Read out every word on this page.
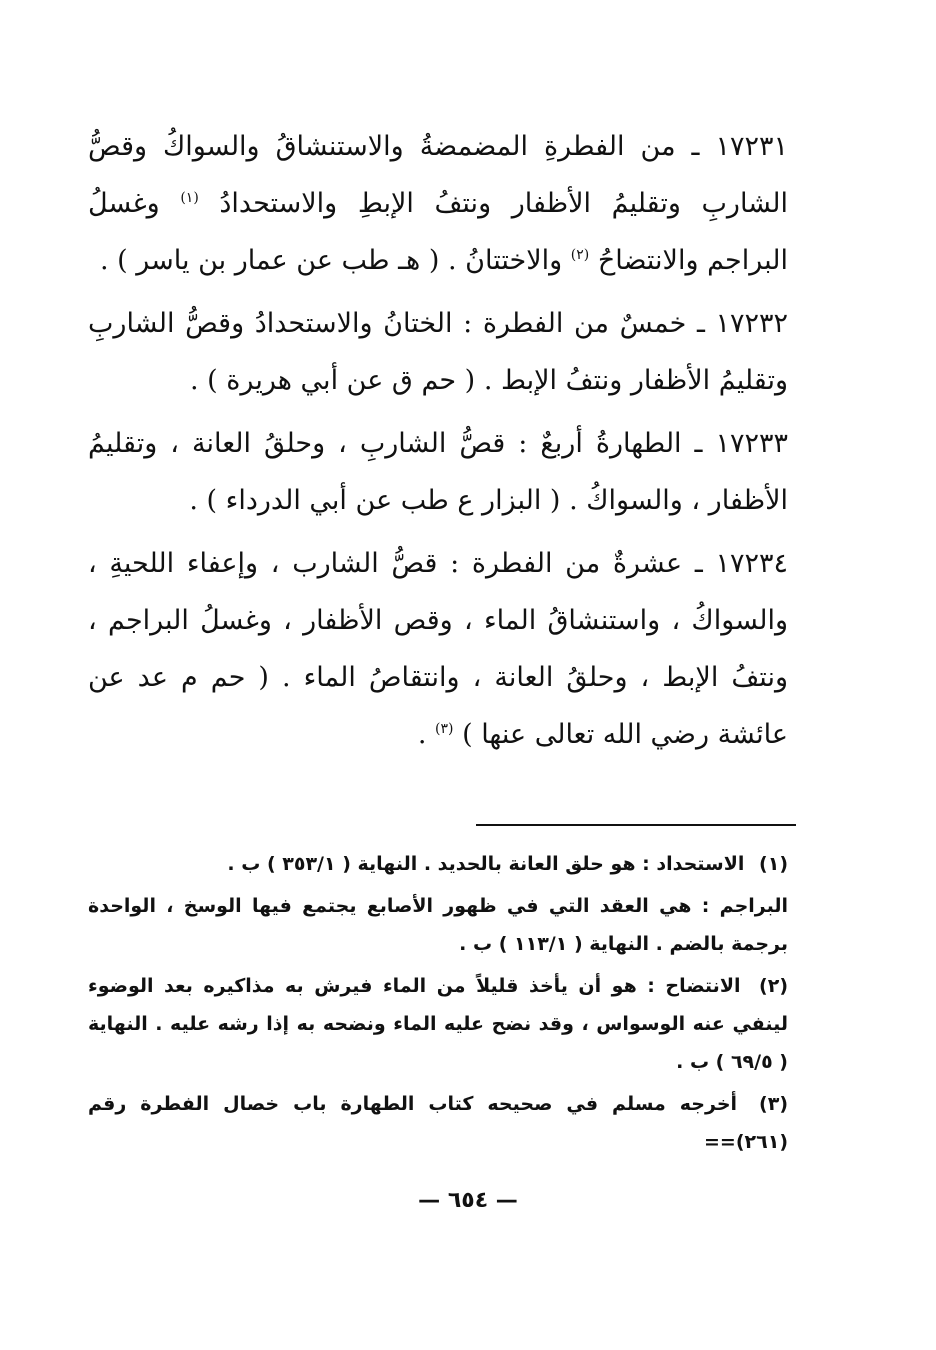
١٧٢٣١ ـ من الفطرةِ المضمضةُ والاستنشاقُ والسواكُ وقصُّ الشاربِ وتقليمُ الأظفار ونتفُ الإبطِ والاستحدادُ $^{(١)}$ وغسلُ البراجم والانتضاحُ $^{(٢)}$ والاختتانُ . ( هـ طب عن عمار بن ياسر ) .

١٧٢٣٢ ـ خمسٌ من الفطرة : الختانُ والاستحدادُ وقصُّ الشاربِ وتقليمُ الأظفار ونتفُ الإبط . ( حم ق عن أبي هريرة ) .

١٧٢٣٣ ـ الطهارةُ أربعٌ : قصُّ الشاربِ ، وحلقُ العانة ، وتقليمُ الأظفار ، والسواكُ . ( البزار ع طب عن أبي الدرداء ) .

١٧٢٣٤ ـ عشرةٌ من الفطرة : قصُّ الشارب ، وإعفاء اللحيةِ ، والسواكُ ، واستنشاقُ الماء ، وقص الأظفار ، وغسلُ البراجم ، ونتفُ الإبط ، وحلقُ العانة ، وانتقاصُ الماء . ( حم م عد عن عائشة رضي الله تعالى عنها ) $^{(٣)}$ .

(١) الاستحداد : هو حلق العانة بالحديد . النهاية ( ٣٥٣/١ ) ب .

البراجم : هي العقد التي في ظهور الأصابع يجتمع فيها الوسخ ، الواحدة برجمة بالضم . النهاية ( ١١٣/١ ) ب .

(٢) الانتضاح : هو أن يأخذ قليلاً من الماء فيرش به مذاكيره بعد الوضوء لينفي عنه الوسواس ، وقد نضح عليه الماء ونضحه به إذا رشه عليه . النهاية ( ٦٩/٥ ) ب .

(٣) أخرجه مسلم في صحيحه كتاب الطهارة باب خصال الفطرة رقم (٢٦١)==

— ٦٥٤ —
